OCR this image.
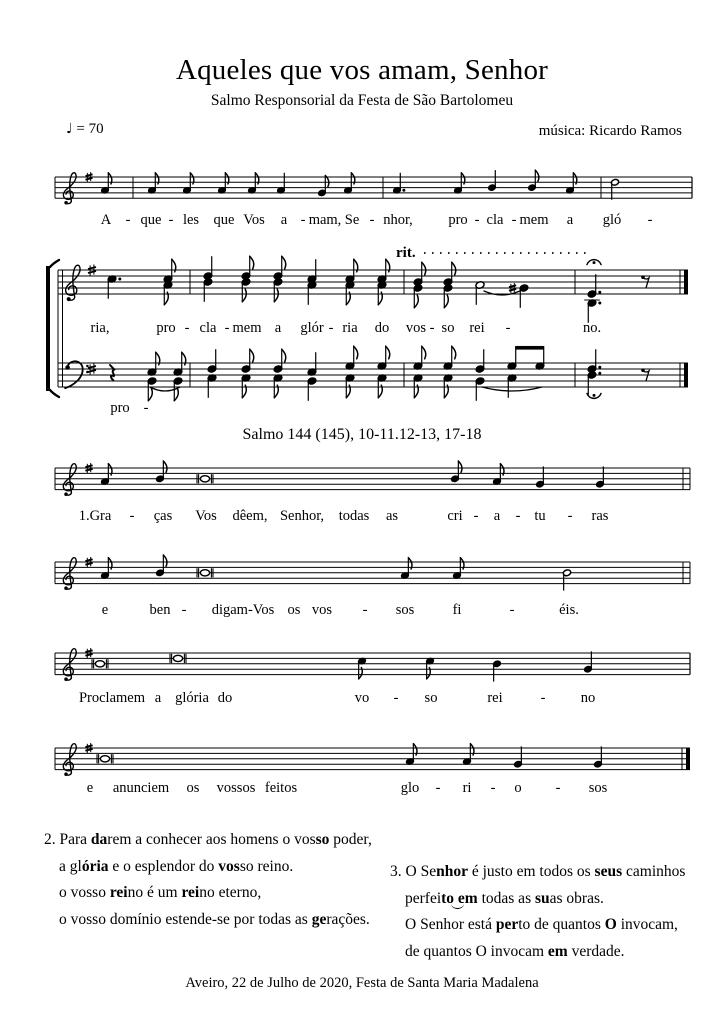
Aqueles que vos amam, Senhor
Salmo Responsorial da Festa de São Bartolomeu
♩ = 70	música: Ricardo Ramos
A - que - les que Vos a - mam, Se - nhor, pro - cla - mem a gló -
ria,	pro - cla - mem a glór - ria do vos - so rei -	no.
pro -
rit.
1.Gra - ças Vos dêem, Senhor, todas as	cri - a - tu - ras
e	ben - digam-Vos os vos - sos	fi	-	éis.
Proclamem a glória do	vo - so	rei	- no
e anunciem os vossos feitos	glo - ri - o - sos
Salmo 144 (145), 10-11.12-13, 17-18
2. Para darem a conhecer aos homens o vosso poder,
a glória e o esplendor do vosso reino.
o vosso reino é um reino eterno,
o vosso domínio estende-se por todas as gerações.
3. O Senhor é justo em todos os seus caminhos
perfeito em todas as suas obras.
O Senhor está perto de quantos O invocam,
de quantos O invocam em verdade.
Aveiro, 22 de Julho de 2020, Festa de Santa Maria Madalena
